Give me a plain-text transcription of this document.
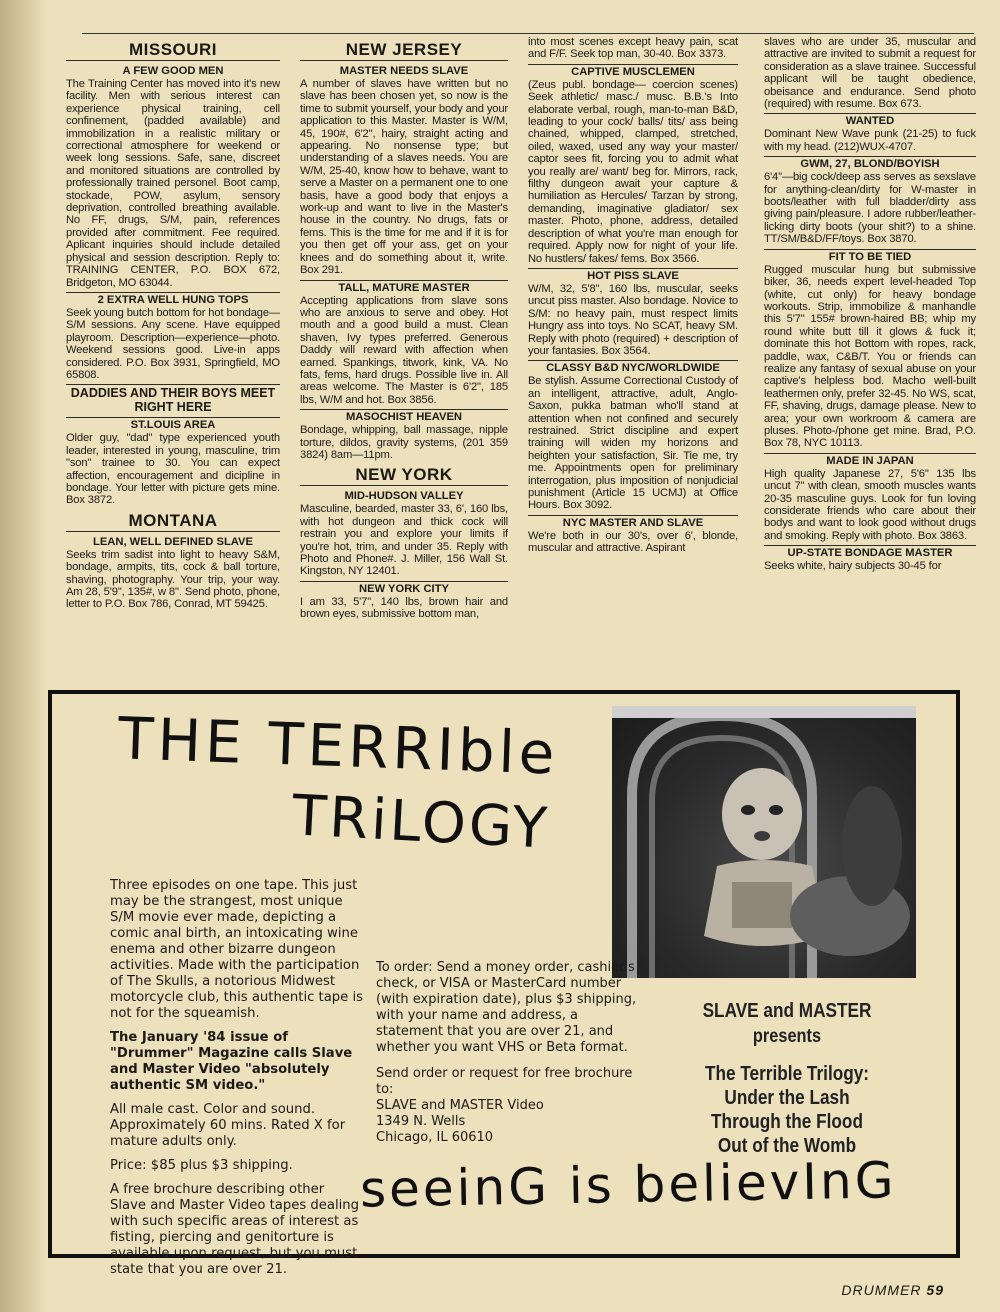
MISSOURI
A FEW GOOD MEN
The Training Center has moved into it's new facility. Men with serious interest can experience physical training, cell confinement, (padded available) and immobilization in a realistic military or correctional atmosphere for weekend or week long sessions. Safe, sane, discreet and monitored situations are controlled by professionally trained personel. Boot camp, stockade, POW, asylum, sensory deprivation, controlled breathing available. No FF, drugs, S/M, pain, references provided after commitment. Fee required. Aplicant inquiries should include detailed physical and session description. Reply to: TRAINING CENTER, P.O. BOX 672, Bridgeton, MO 63044.
2 EXTRA WELL HUNG TOPS
Seek young butch bottom for hot bondage—S/M sessions. Any scene. Have equipped playroom. Description—experience—photo. Weekend sessions good. Live-in apps considered. P.O. Box 3931, Springfield, MO 65808.
DADDIES AND THEIR BOYS MEET RIGHT HERE
ST.LOUIS AREA
Older guy, "dad" type experienced youth leader, interested in young, masculine, trim "son" trainee to 30. You can expect affection, encouragement and dicipline in bondage. Your letter with picture gets mine. Box 3872.
MONTANA
LEAN, WELL DEFINED SLAVE
Seeks trim sadist into light to heavy S&M, bondage, armpits, tits, cock & ball torture, shaving, photography. Your trip, your way. Am 28, 5'9", 135#, w 8". Send photo, phone, letter to P.O. Box 786, Conrad, MT 59425.
NEW JERSEY
MASTER NEEDS SLAVE
A number of slaves have written but no slave has been chosen yet, so now is the time to submit yourself, your body and your application to this Master. Master is W/M, 45, 190#, 6'2", hairy, straight acting and appearing. No nonsense type; but understanding of a slaves needs. You are W/M, 25-40, know how to behave, want to serve a Master on a permanent one to one basis, have a good body that enjoys a work-up and want to live in the Master's house in the country. No drugs, fats or fems. This is the time for me and if it is for you then get off your ass, get on your knees and do something about it, write. Box 291.
TALL, MATURE MASTER
Accepting applications from slave sons who are anxious to serve and obey. Hot mouth and a good build a must. Clean shaven, Ivy types preferred. Generous Daddy will reward with affection when earned. Spankings, titwork, kink, VA. No fats, fems, hard drugs. Possible live in. All areas welcome. The Master is 6'2", 185 lbs, W/M and hot. Box 3856.
MASOCHIST HEAVEN
Bondage, whipping, ball massage, nipple torture, dildos, gravity systems, (201 359 3824) 8am—11pm.
NEW YORK
MID-HUDSON VALLEY
Masculine, bearded, master 33, 6', 160 lbs, with hot dungeon and thick cock will restrain you and explore your limits if you're hot, trim, and under 35. Reply with Photo and Phone#. J. Miller, 156 Wall St. Kingston, NY 12401.
NEW YORK CITY
I am 33, 5'7", 140 lbs, brown hair and brown eyes, submissive bottom man,
into most scenes except heavy pain, scat and F/F. Seek top man, 30-40. Box 3373.
CAPTIVE MUSCLEMEN
(Zeus publ. bondage— coercion scenes) Seek athletic/ masc./ musc. B.B.'s Into elaborate verbal, rough, man-to-man B&D, leading to your cock/ balls/ tits/ ass being chained, whipped, clamped, stretched, oiled, waxed, used any way your master/ captor sees fit, forcing you to admit what you really are/ want/ beg for. Mirrors, rack, filthy dungeon await your capture & humiliation as Hercules/ Tarzan by strong, demanding, imaginative gladiator/ sex master. Photo, phone, address, detailed description of what you're man enough for required. Apply now for night of your life. No hustlers/ fakes/ fems. Box 3566.
HOT PISS SLAVE
W/M, 32, 5'8", 160 lbs, muscular, seeks uncut piss master. Also bondage. Novice to S/M: no heavy pain, must respect limits Hungry ass into toys. No SCAT, heavy SM. Reply with photo (required) + description of your fantasies. Box 3564.
CLASSY B&D NYC/WORLDWIDE
Be stylish. Assume Correctional Custody of an intelligent, attractive, adult, Anglo-Saxon, pukka batman who'll stand at attention when not confined and securely restrained. Strict discipline and expert training will widen my horizons and heighten your satisfaction, Sir. Tie me, try me. Appointments open for preliminary interrogation, plus imposition of nonjudicial punishment (Article 15 UCMJ) at Office Hours. Box 3092.
NYC MASTER AND SLAVE
We're both in our 30's, over 6', blonde, muscular and attractive. Aspirant
slaves who are under 35, muscular and attractive are invited to submit a request for consideration as a slave trainee. Successful applicant will be taught obedience, obeisance and endurance. Send photo (required) with resume. Box 673.
WANTED
Dominant New Wave punk (21-25) to fuck with my head. (212)WUX-4707.
GWM, 27, BLOND/BOYISH
6'4"—big cock/deep ass serves as sexslave for anything-clean/dirty for W-master in boots/leather with full bladder/dirty ass giving pain/pleasure. I adore rubber/leather-licking dirty boots (your shit?) to a shine. TT/SM/B&D/FF/toys. Box 3870.
FIT TO BE TIED
Rugged muscular hung but submissive biker, 36, needs expert level-headed Top (white, cut only) for heavy bondage workouts. Strip, immobilize & manhandle this 5'7" 155# brown-haired BB; whip my round white butt till it glows & fuck it; dominate this hot Bottom with ropes, rack, paddle, wax, C&B/T. You or friends can realize any fantasy of sexual abuse on your captive's helpless bod. Macho well-built leathermen only, prefer 32-45. No WS, scat, FF, shaving, drugs, damage please. New to area; your own workroom & camera are pluses. Photo-/phone get mine. Brad, P.O. Box 78, NYC 10113.
MADE IN JAPAN
High quality Japanese 27, 5'6" 135 lbs uncut 7" with clean, smooth muscles wants 20-35 masculine guys. Look for fun loving considerate friends who care about their bodys and want to look good without drugs and smoking. Reply with photo. Box 3863.
UP-STATE BONDAGE MASTER
Seeks white, hairy subjects 30-45 for
THE TERRIble
TRiLOGY

Three episodes on one tape. This just may be the strangest, most unique S/M movie ever made, depicting a comic anal birth, an intoxicating wine enema and other bizarre dungeon activities. Made with the participation of The Skulls, a notorious Midwest motorcycle club, this authentic tape is not for the squeamish.

The January '84 issue of "Drummer" Magazine calls Slave and Master Video "absolutely authentic SM video."

All male cast. Color and sound. Approximately 60 mins. Rated X for mature adults only.

Price: $85 plus $3 shipping.

A free brochure describing other Slave and Master Video tapes dealing with such specific areas of interest as fisting, piercing and genitorture is available upon request, but you must state that you are over 21.

To order: Send a money order, cashier's check, or VISA or MasterCard number (with expiration date), plus $3 shipping, with your name and address, a statement that you are over 21, and whether you want VHS or Beta format.

Send order or request for free brochure to:

SLAVE and MASTER Video
1349 N. Wells
Chicago, IL 60610
SLAVE and MASTER
presents
The Terrible Trilogy:
Under the Lash
Through the Flood
Out of the Womb
seeinG is believInG
DRUMMER 59
